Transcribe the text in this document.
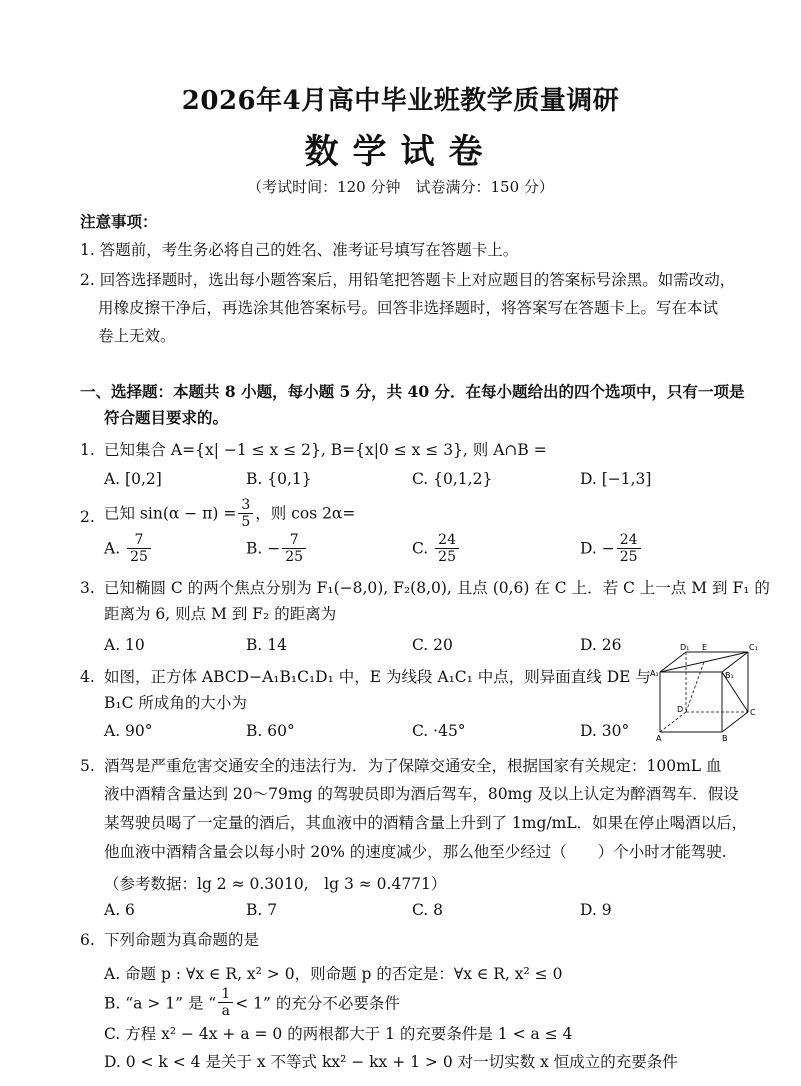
2026年4月高中毕业班教学质量调研
数学试卷
（考试时间：120 分钟　试卷满分：150 分）
注意事项：
1. 答题前，考生务必将自己的姓名、准考证号填写在答题卡上。
2. 回答选择题时，选出每小题答案后，用铅笔把答题卡上对应题目的答案标号涂黑。如需改动，
用橡皮擦干净后，再选涂其他答案标号。回答非选择题时，将答案写在答题卡上。写在本试
卷上无效。
一、选择题：本题共 8 小题，每小题 5 分，共 40 分．在每小题给出的四个选项中，只有一项是
符合题目要求的。
1. 已知集合 A={x| −1 ≤ x ≤ 2}, B={x|0 ≤ x ≤ 3}, 则 A∩B =
A. [0,2]	B. {0,1}	C. {0,1,2}	D. [−1,3]
2. 已知 $\sin(\alpha - \pi) = \frac{3}{5}$ ，则 cos 2α=
A. $\frac{7}{25}$	B. − $\frac{7}{25}$	C. $\frac{24}{25}$	D. − $\frac{24}{25}$
3. 已知椭圆 C 的两个焦点分别为 F₁(−8,0), F₂(8,0), 且点 (0,6) 在 C 上．若 C 上一点 M 到 F₁ 的
距离为 6, 则点 M 到 F₂ 的距离为
A. 10	B. 14	C. 20	D. 26
4. 如图，正方体 ABCD−A₁B₁C₁D₁ 中，E 为线段 A₁C₁ 中点，则异面直线 DE 与
B₁C 所成角的大小为
A. 90°	B. 60°	C. ·45°	D. 30°
D₁ E	C₁
A₁	B₁
D	C
A	B
5. 酒驾是严重危害交通安全的违法行为．为了保障交通安全，根据国家有关规定：100mL 血
液中酒精含量达到 20～79mg 的驾驶员即为酒后驾车，80mg 及以上认定为醉酒驾车．假设
某驾驶员喝了一定量的酒后，其血液中的酒精含量上升到了 1mg/mL．如果在停止喝酒以后，
他血液中酒精含量会以每小时 20% 的速度减少，那么他至少经过（　　）个小时才能驾驶.
（参考数据：lg 2 ≈ 0.3010,　lg 3 ≈ 0.4771）
A. 6	B. 7	C. 8	D. 9
6. 下列命题为真命题的是
A. 命题 p : ∀x ∈ R, x² > 0，则命题 p 的否定是：∀x ∈ R, x² ≤ 0
B. “a > 1” 是 “ $\frac{1}{a} < 1$” 的充分不必要条件
C. 方程 x² − 4x + a = 0 的两根都大于 1 的充要条件是 1 < a ≤ 4
D. 0 < k < 4 是关于 x 不等式 kx² − kx + 1 > 0 对一切实数 x 恒成立的充要条件
